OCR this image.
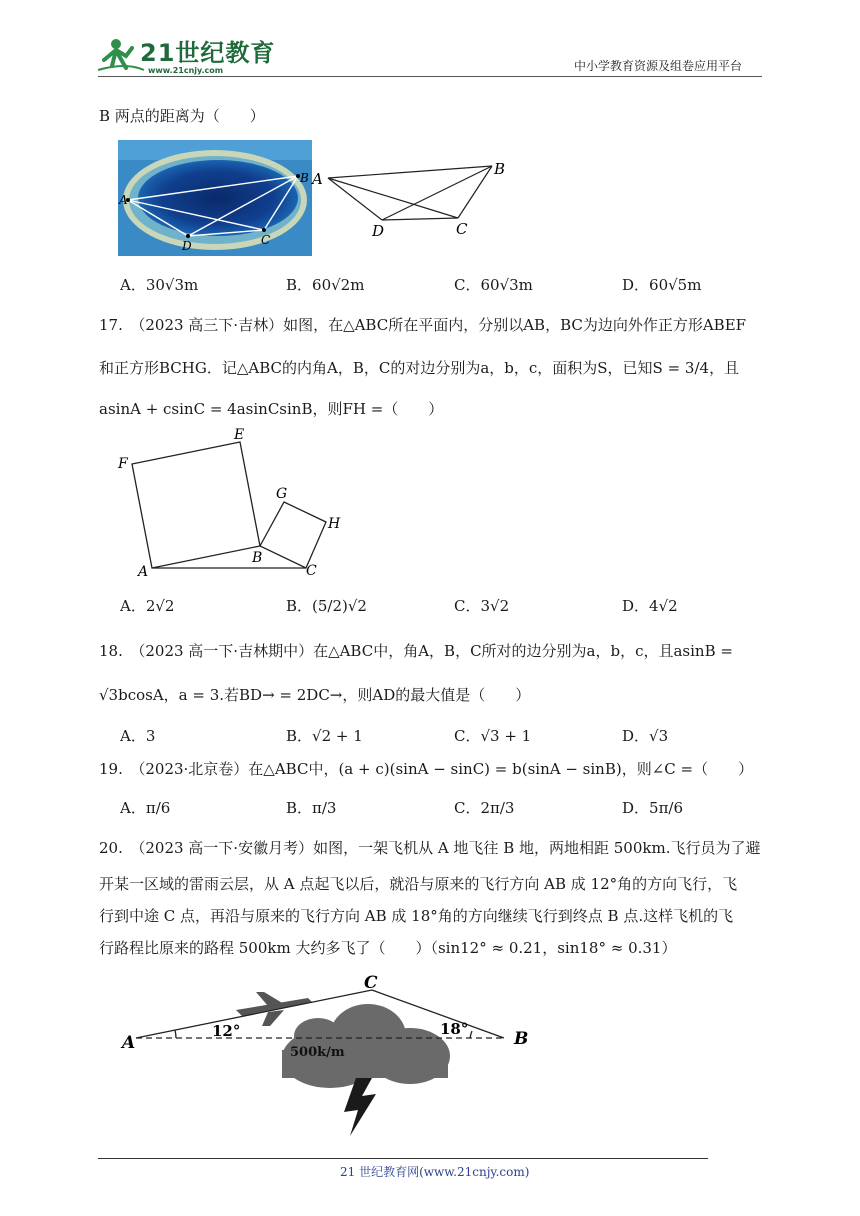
21世纪教育
www.21cnjy.com	中小学教育资源及组卷应用平台
B 两点的距离为（　　）
A
B
C
D
A
B
C
D
A．30√3m	B．60√2m	C．60√3m	D．60√5m
17.　（2023 高三下·吉林）如图，在△ABC所在平面内，分别以AB，BC为边向外作正方形ABEF
和正方形BCHG．记△ABC的内角A，B，C的对边分别为a，b，c，面积为S，已知S = 3/4，且
asinA + csinC = 4asinCsinB，则FH =（　　）
A
B
C
E
F
G
H
A．2√2	B．(5/2)√2	C．3√2	D．4√2
18.　（2023 高一下·吉林期中）在△ABC中，角A，B，C所对的边分别为a，b，c，且asinB =
√3bcosA，a = 3.若BD→ = 2DC→，则AD的最大值是（　　）
A．3	B．√2 + 1	C．√3 + 1	D．√3
19.　（2023·北京卷）在△ABC中，(a + c)(sinA − sinC) = b(sinA − sinB)，则∠C =（　　）
A．π/6	B．π/3	C．2π/3	D．5π/6
20.　（2023 高一下·安徽月考）如图，一架飞机从 A 地飞往 B 地，两地相距 500km.飞行员为了避
开某一区域的雷雨云层，从 A 点起飞以后，就沿与原来的飞行方向 AB 成 12°角的方向飞行，飞
行到中途 C 点，再沿与原来的飞行方向 AB 成 18°角的方向继续飞行到终点 B 点.这样飞机的飞
行路程比原来的路程 500km 大约多飞了（　　）（sin12° ≈ 0.21，sin18° ≈ 0.31）
A	B
C
12°	18°
500k/m
21 世纪教育网(www.21cnjy.com)
